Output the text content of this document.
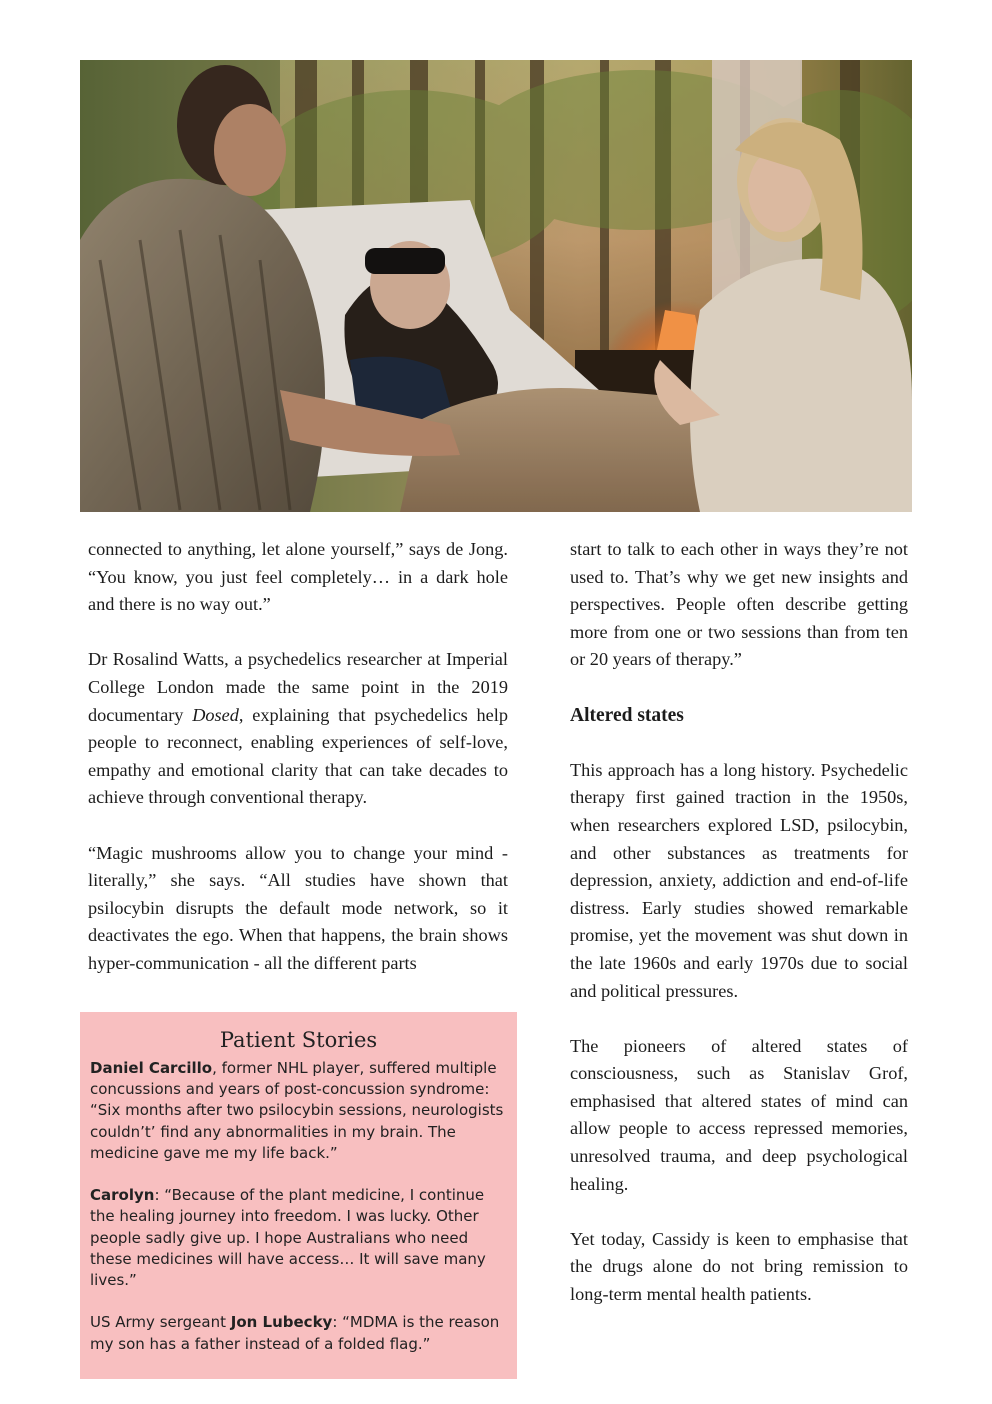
connected to anything, let alone yourself,” says de Jong. “You know, you just feel completely… in a dark hole and there is no way out.”

Dr Rosalind Watts, a psychedelics researcher at Imperial College London made the same point in the 2019 documentary Dosed, explaining that psychedelics help people to reconnect, enabling experiences of self-love, empathy and emotional clarity that can take decades to achieve through conventional therapy.

“Magic mushrooms allow you to change your mind - literally,” she says. “All studies have shown that psilocybin disrupts the default mode network, so it deactivates the ego. When that happens, the brain shows hyper-communication - all the different parts

Patient Stories

Daniel Carcillo, former NHL player, suffered multiple concussions and years of post-concussion syndrome: “Six months after two psilocybin sessions, neurologists couldn’t’ find any abnormalities in my brain. The medicine gave me my life back.”

Carolyn: “Because of the plant medicine, I continue the healing journey into freedom. I was lucky. Other people sadly give up. I hope Australians who need these medicines will have access… It will save many lives.”

US Army sergeant Jon Lubecky: “MDMA is the reason my son has a father instead of a folded flag.”

start to talk to each other in ways they’re not used to. That’s why we get new insights and perspectives. People often describe getting more from one or two sessions than from ten or 20 years of therapy.”

Altered states

This approach has a long history. Psychedelic therapy first gained traction in the 1950s, when researchers explored LSD, psilocybin, and other substances as treatments for depression, anxiety, addiction and end-of-life distress. Early studies showed remarkable promise, yet the movement was shut down in the late 1960s and early 1970s due to social and political pressures.

The pioneers of altered states of consciousness, such as Stanislav Grof, emphasised that altered states of mind can allow people to access repressed memories, unresolved trauma, and deep psychological healing.

Yet today, Cassidy is keen to emphasise that the drugs alone do not bring remission to long-term mental health patients.
